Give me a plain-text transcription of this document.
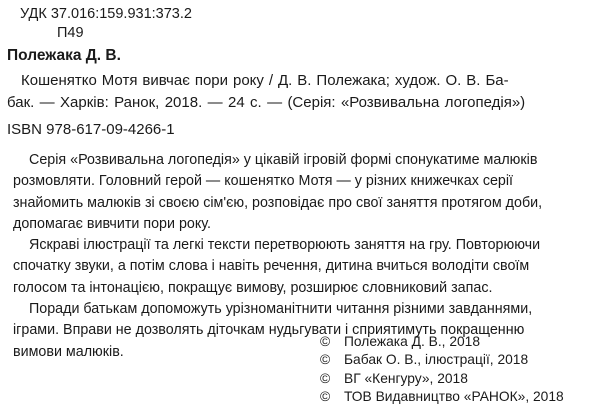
УДК 37.016:159.931:373.2
П49
Полежака Д. В.
Кошенятко Мотя вивчає пори року / Д. В. Полежака; худож. О. В. Ба-
бак. — Харків: Ранок, 2018. — 24 с. — (Серія: «Розвивальна логопедія»)
ISBN 978-617-09-4266-1

Серія «Розвивальна логопедія» у цікавій ігровій формі спонукатиме малюків
розмовляти. Головний герой — кошенятко Мотя — у різних книжечках серії
знайомить малюків зі своєю сім'єю, розповідає про свої заняття протягом доби,
допомагає вивчити пори року.

Яскраві ілюстрації та легкі тексти перетворюють заняття на гру. Повторюючи
спочатку звуки, а потім слова і навіть речення, дитина вчиться володіти своїм
голосом та інтонацією, покращує вимову, розширює словниковий запас.

Поради батькам допоможуть урізноманітнити читання різними завданнями,
іграми. Вправи не дозволять діточкам нудьгувати і сприятимуть покращенню
вимови малюків.

© Полежака Д. В., 2018
© Бабак О. В., ілюстрації, 2018
© ВГ «Кенгуру», 2018
© ТОВ Видавництво «РАНОК», 2018
